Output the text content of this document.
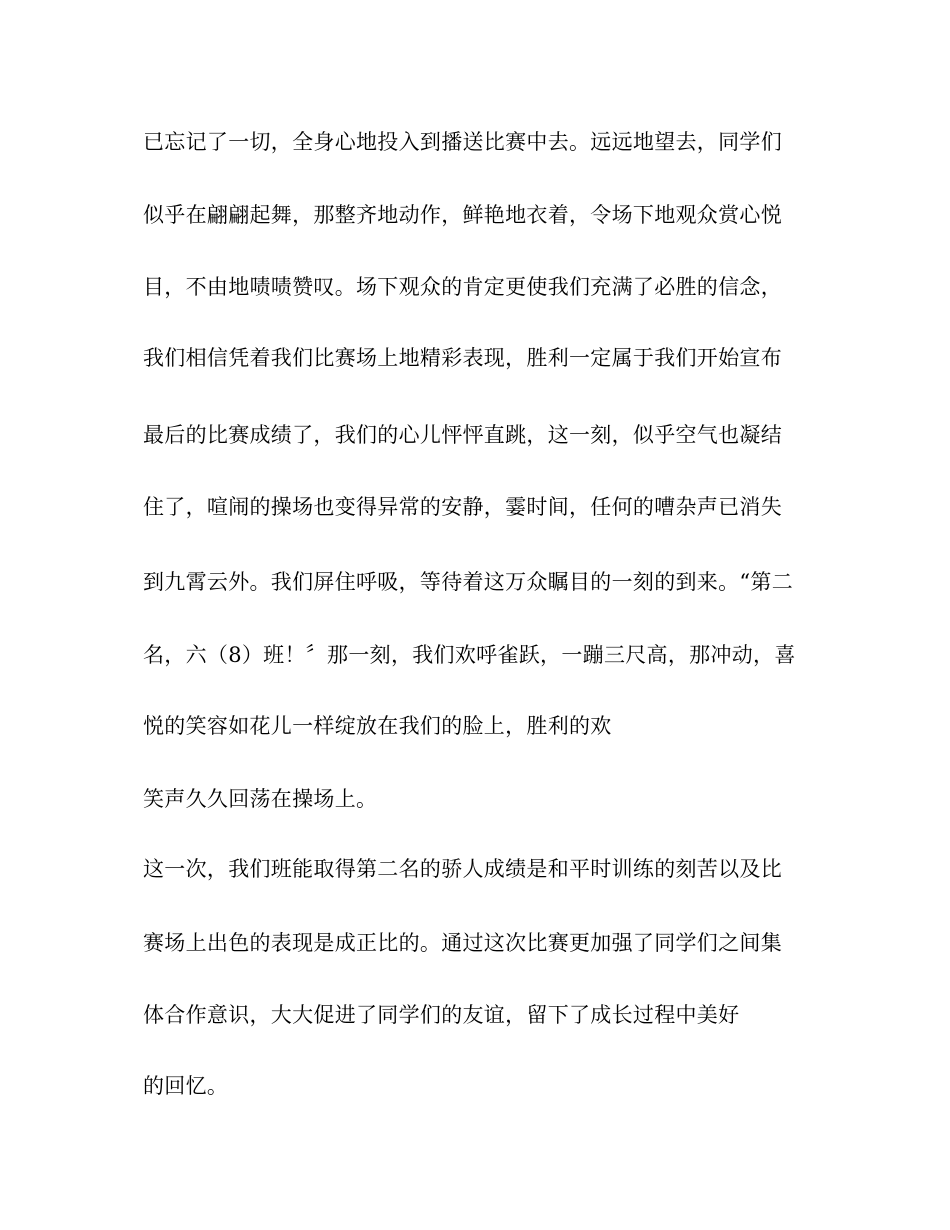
已忘记了一切，全身心地投入到播送比赛中去。远远地望去，同学们
似乎在翩翩起舞，那整齐地动作，鲜艳地衣着，令场下地观众赏心悦
目，不由地啧啧赞叹。场下观众的肯定更使我们充满了必胜的信念，
我们相信凭着我们比赛场上地精彩表现，胜利一定属于我们开始宣布
最后的比赛成绩了，我们的心儿怦怦直跳，这一刻，似乎空气也凝结
住了，喧闹的操场也变得异常的安静，霎时间，任何的嘈杂声已消失
到九霄云外。我们屏住呼吸，等待着这万众瞩目的一刻的到来。“第二
名，六（8）班！〞那一刻，我们欢呼雀跃，一蹦三尺高，那冲动，喜
悦的笑容如花儿一样绽放在我们的脸上，胜利的欢
笑声久久回荡在操场上。
这一次，我们班能取得第二名的骄人成绩是和平时训练的刻苦以及比
赛场上出色的表现是成正比的。通过这次比赛更加强了同学们之间集
体合作意识，大大促进了同学们的友谊，留下了成长过程中美好
的回忆。
